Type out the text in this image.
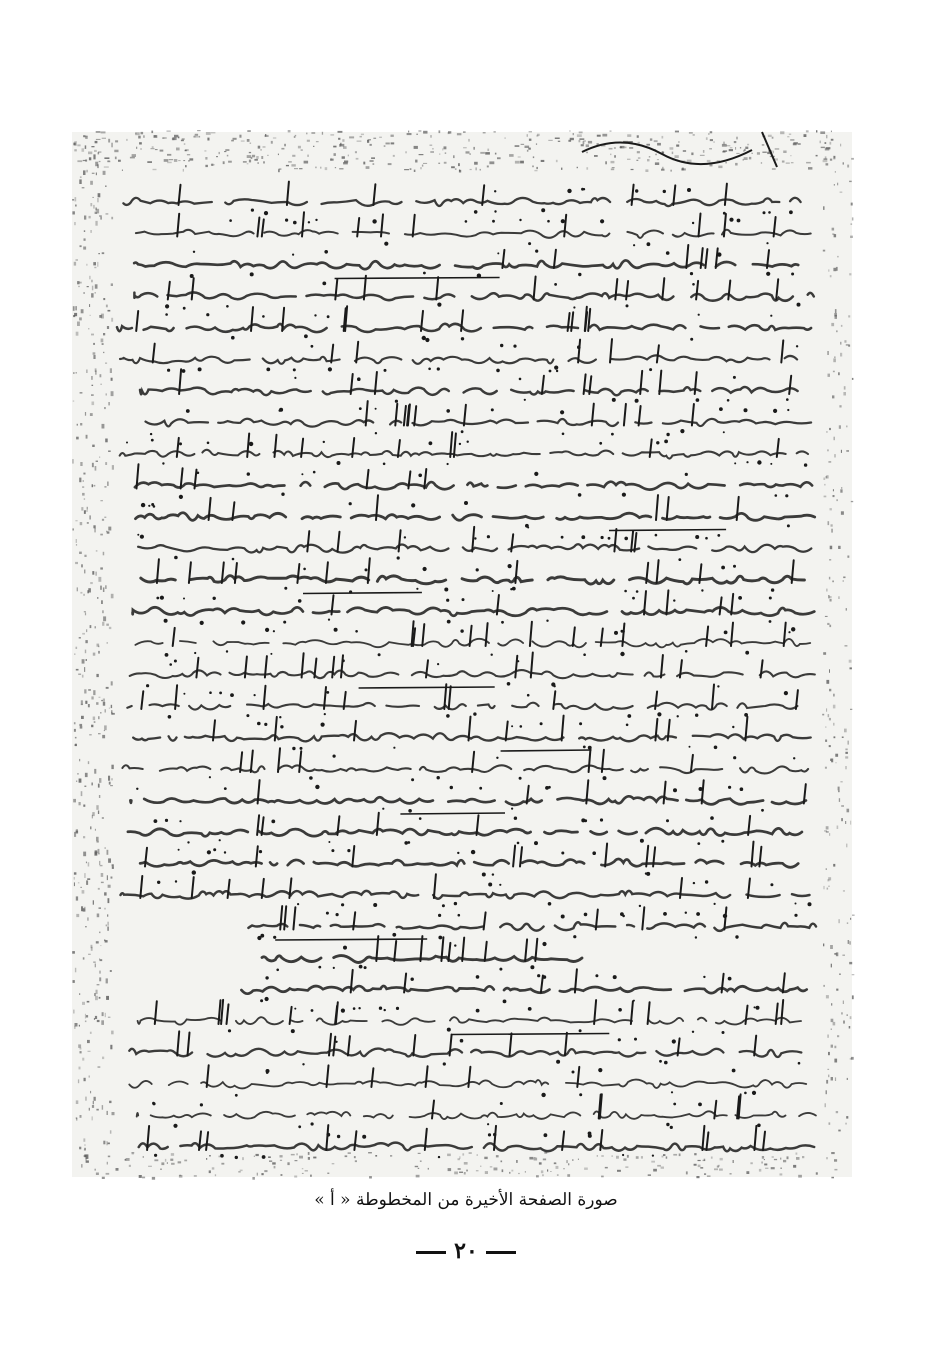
صورة الصفحة الأخيرة من المخطوطة « أ »
٢٠
